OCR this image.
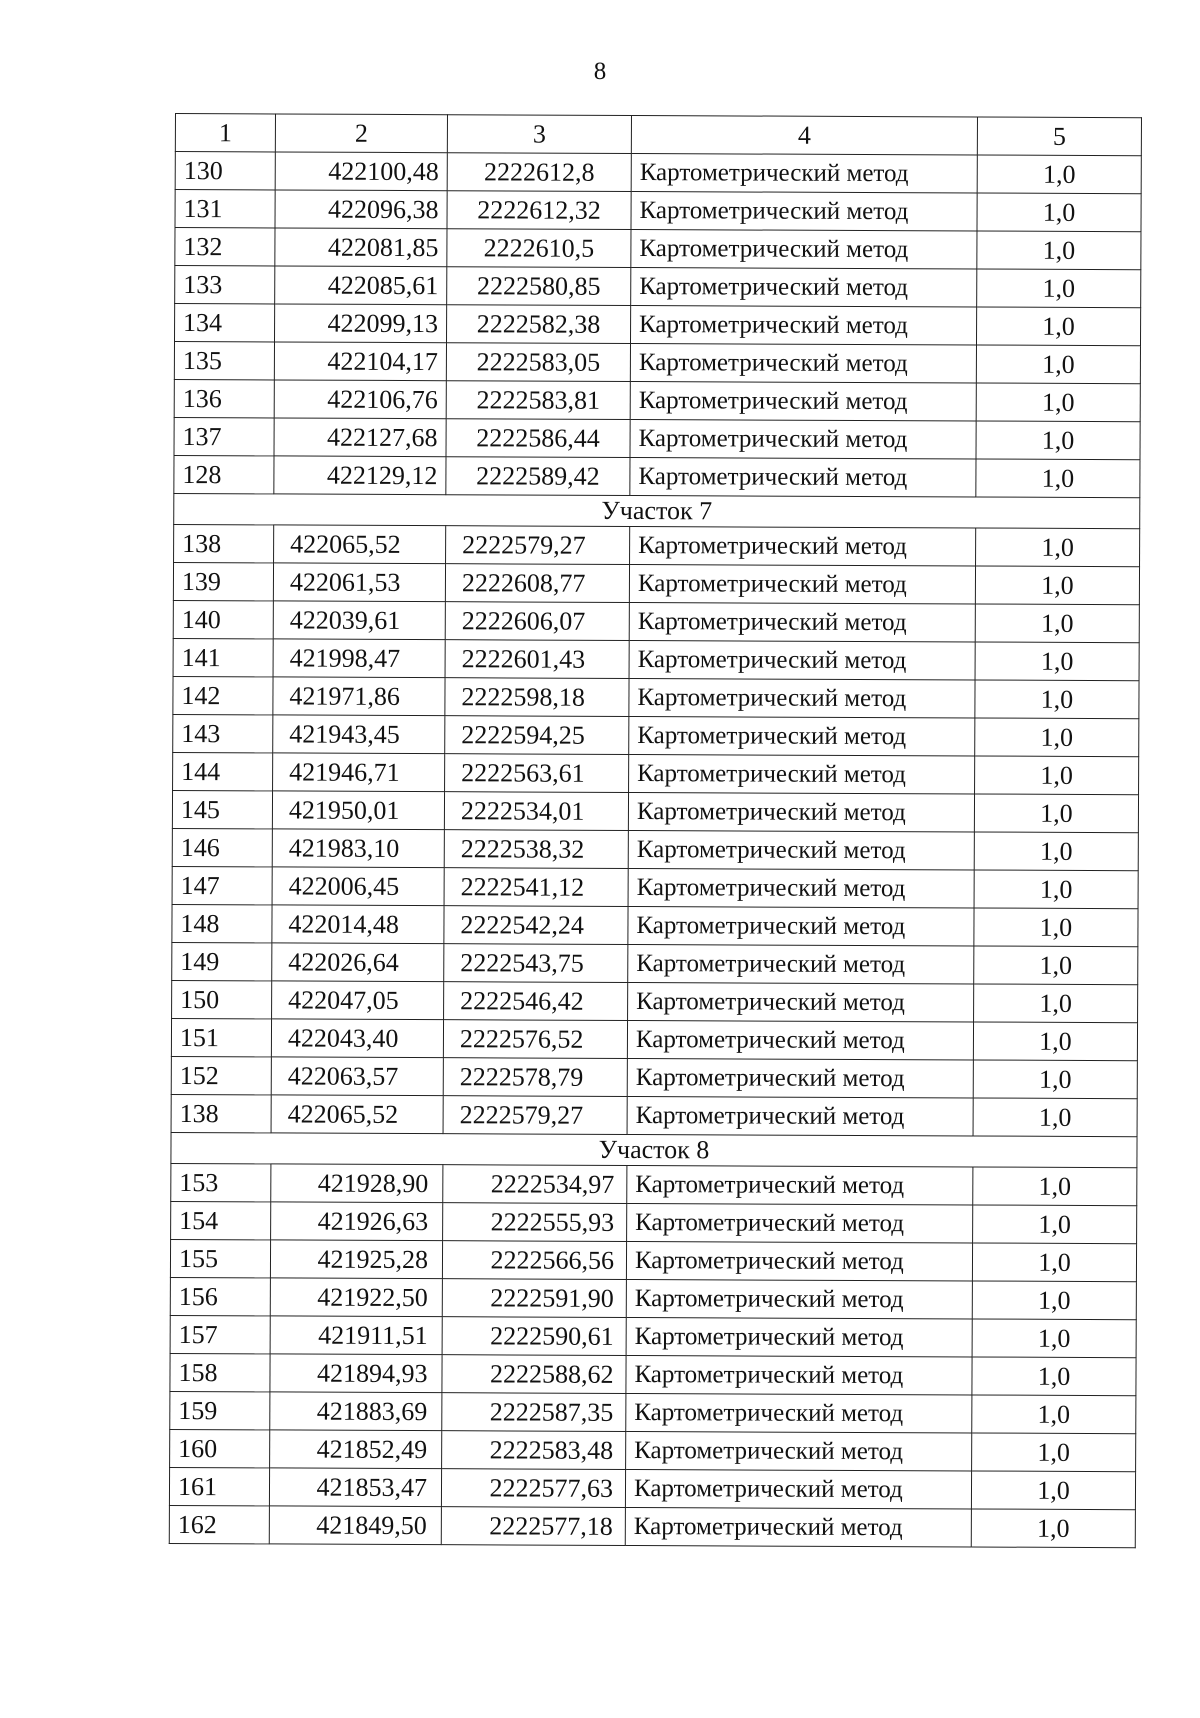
8
1	2	3	4	5
130	422100,48	2222612,8	Картометрический метод	1,0
131	422096,38	2222612,32	Картометрический метод	1,0
132	422081,85	2222610,5	Картометрический метод	1,0
133	422085,61	2222580,85	Картометрический метод	1,0
134	422099,13	2222582,38	Картометрический метод	1,0
135	422104,17	2222583,05	Картометрический метод	1,0
136	422106,76	2222583,81	Картометрический метод	1,0
137	422127,68	2222586,44	Картометрический метод	1,0
128	422129,12	2222589,42	Картометрический метод	1,0
Участок 7				
138	422065,52	2222579,27	Картометрический метод	1,0
139	422061,53	2222608,77	Картометрический метод	1,0
140	422039,61	2222606,07	Картометрический метод	1,0
141	421998,47	2222601,43	Картометрический метод	1,0
142	421971,86	2222598,18	Картометрический метод	1,0
143	421943,45	2222594,25	Картометрический метод	1,0
144	421946,71	2222563,61	Картометрический метод	1,0
145	421950,01	2222534,01	Картометрический метод	1,0
146	421983,10	2222538,32	Картометрический метод	1,0
147	422006,45	2222541,12	Картометрический метод	1,0
148	422014,48	2222542,24	Картометрический метод	1,0
149	422026,64	2222543,75	Картометрический метод	1,0
150	422047,05	2222546,42	Картометрический метод	1,0
151	422043,40	2222576,52	Картометрический метод	1,0
152	422063,57	2222578,79	Картометрический метод	1,0
138	422065,52	2222579,27	Картометрический метод	1,0
Участок 8				
153	421928,90	2222534,97	Картометрический метод	1,0
154	421926,63	2222555,93	Картометрический метод	1,0
155	421925,28	2222566,56	Картометрический метод	1,0
156	421922,50	2222591,90	Картометрический метод	1,0
157	421911,51	2222590,61	Картометрический метод	1,0
158	421894,93	2222588,62	Картометрический метод	1,0
159	421883,69	2222587,35	Картометрический метод	1,0
160	421852,49	2222583,48	Картометрический метод	1,0
161	421853,47	2222577,63	Картометрический метод	1,0
162	421849,50	2222577,18	Картометрический метод	1,0
